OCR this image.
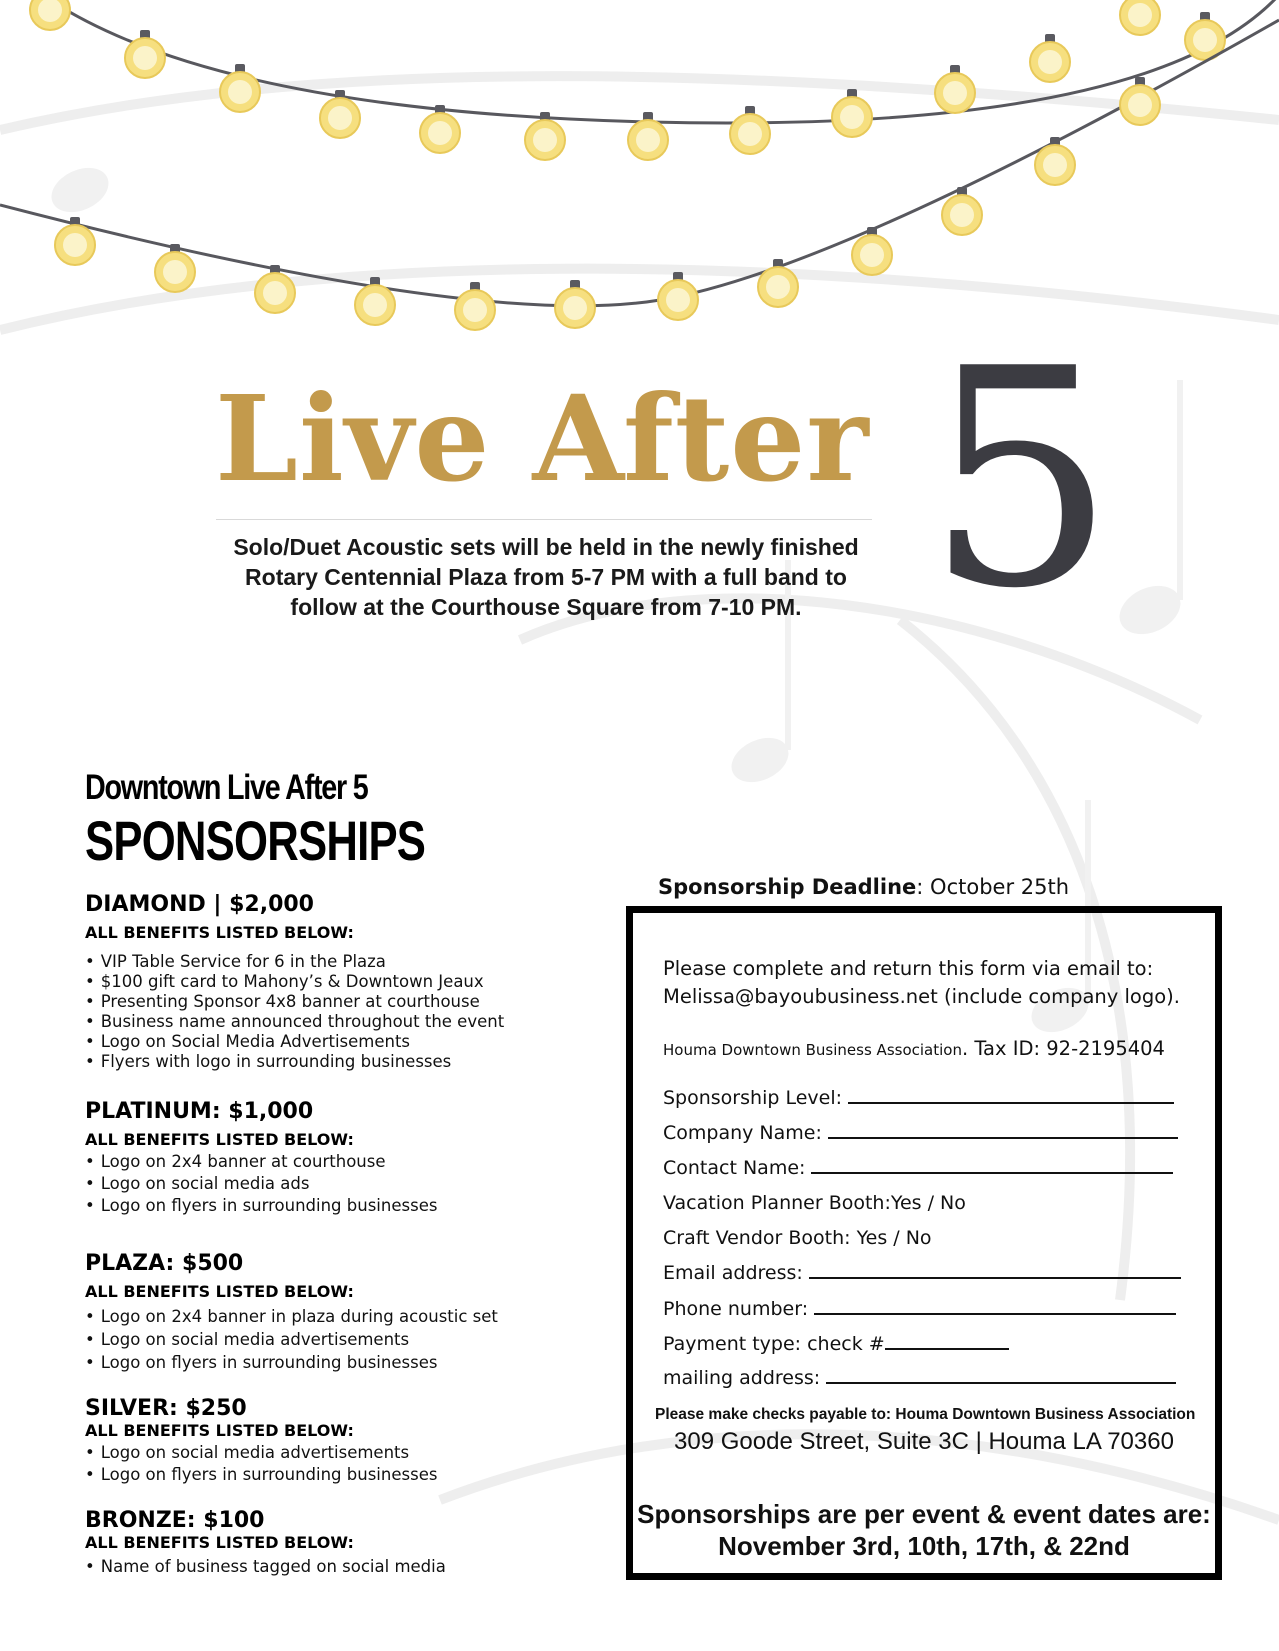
Live After 5
Solo/Duet Acoustic sets will be held in the newly finished Rotary Centennial Plaza from 5-7 PM with a full band to follow at the Courthouse Square from 7-10 PM.
Downtown Live After 5
SPONSORSHIPS
DIAMOND | $2,000
ALL BENEFITS LISTED BELOW:
• VIP Table Service for 6 in the Plaza
• $100 gift card to Mahony’s & Downtown Jeaux
• Presenting Sponsor 4x8 banner at courthouse
• Business name announced throughout the event
• Logo on Social Media Advertisements
• Flyers with logo in surrounding businesses
PLATINUM: $1,000
ALL BENEFITS LISTED BELOW:
• Logo on 2x4 banner at courthouse
• Logo on social media ads
• Logo on flyers in surrounding businesses
PLAZA: $500
ALL BENEFITS LISTED BELOW:
• Logo on 2x4 banner in plaza during acoustic set
• Logo on social media advertisements
• Logo on flyers in surrounding businesses
SILVER: $250
ALL BENEFITS LISTED BELOW:
• Logo on social media advertisements
• Logo on flyers in surrounding businesses
BRONZE: $100
ALL BENEFITS LISTED BELOW:
• Name of business tagged on social media
Sponsorship Deadline: October 25th
Please complete and return this form via email to:
Melissa@bayoubusiness.net (include company logo).
Houma Downtown Business Association. Tax ID: 92-2195404
Sponsorship Level:
Company Name:
Contact Name:
Vacation Planner Booth:Yes / No
Craft Vendor Booth: Yes / No
Email address:
Phone number:
Payment type: check #
mailing address:
Please make checks payable to: Houma Downtown Business Association
309 Goode Street, Suite 3C | Houma LA 70360
Sponsorships are per event & event dates are:
November 3rd, 10th, 17th, & 22nd
